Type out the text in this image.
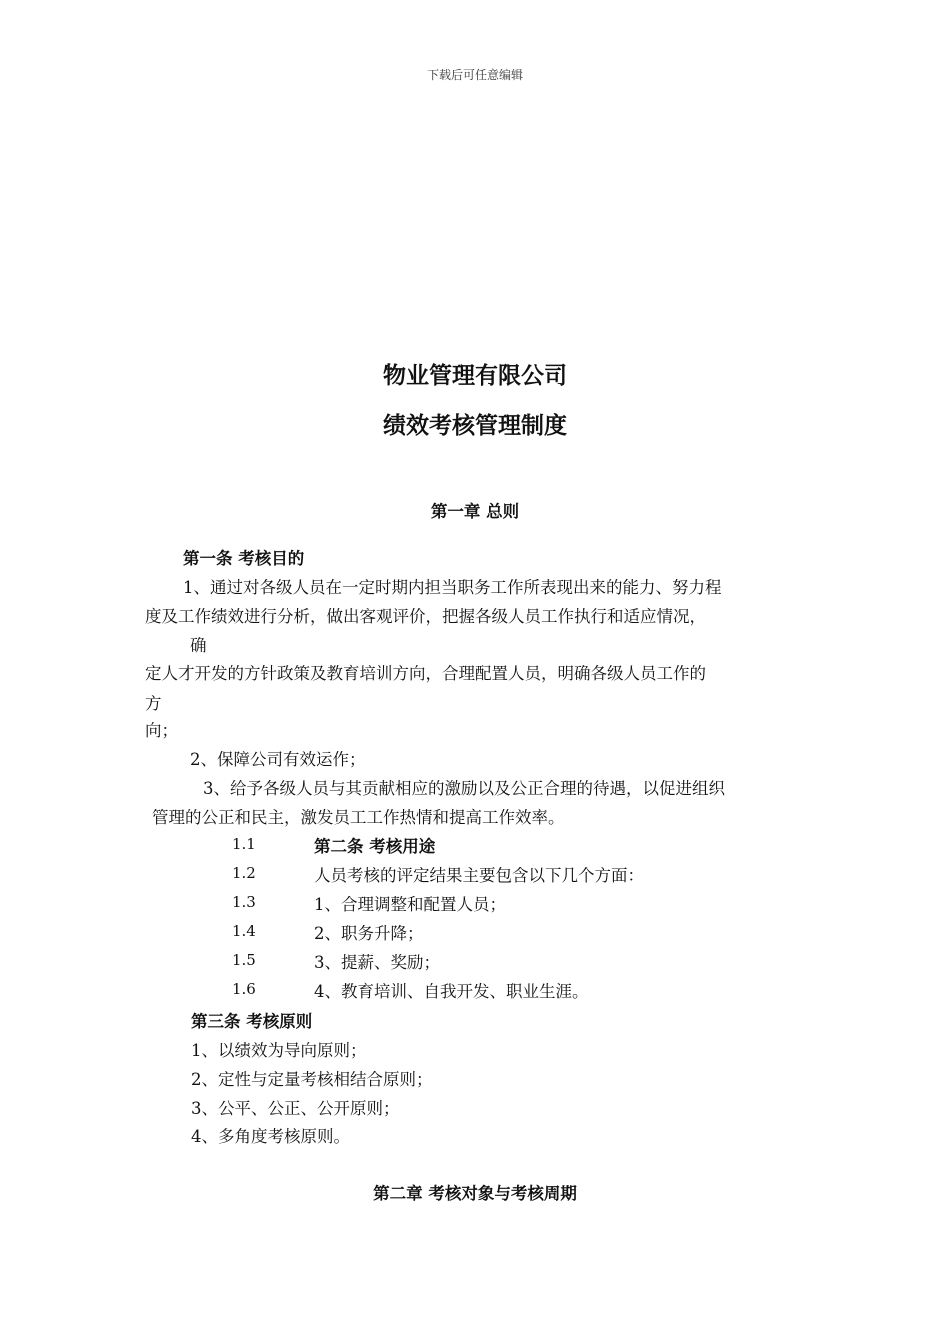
下载后可任意编辑
物业管理有限公司
绩效考核管理制度
第一章 总则
第一条 考核目的
1、通过对各级人员在一定时期内担当职务工作所表现出来的能力、努力程
度及工作绩效进行分析，做出客观评价，把握各级人员工作执行和适应情况，
确
定人才开发的方针政策及教育培训方向，合理配置人员，明确各级人员工作的
方
向；
2、保障公司有效运作；
3、给予各级人员与其贡献相应的激励以及公正合理的待遇，以促进组织
管理的公正和民主，激发员工工作热情和提高工作效率。
1.1	第二条 考核用途
1.2	人员考核的评定结果主要包含以下几个方面：
1.3	1、合理调整和配置人员；
1.4	2、职务升降；
1.5	3、提薪、奖励；
1.6	4、教育培训、自我开发、职业生涯。
第三条 考核原则
1、以绩效为导向原则；
2、定性与定量考核相结合原则；
3、公平、公正、公开原则；
4、多角度考核原则。
第二章 考核对象与考核周期
